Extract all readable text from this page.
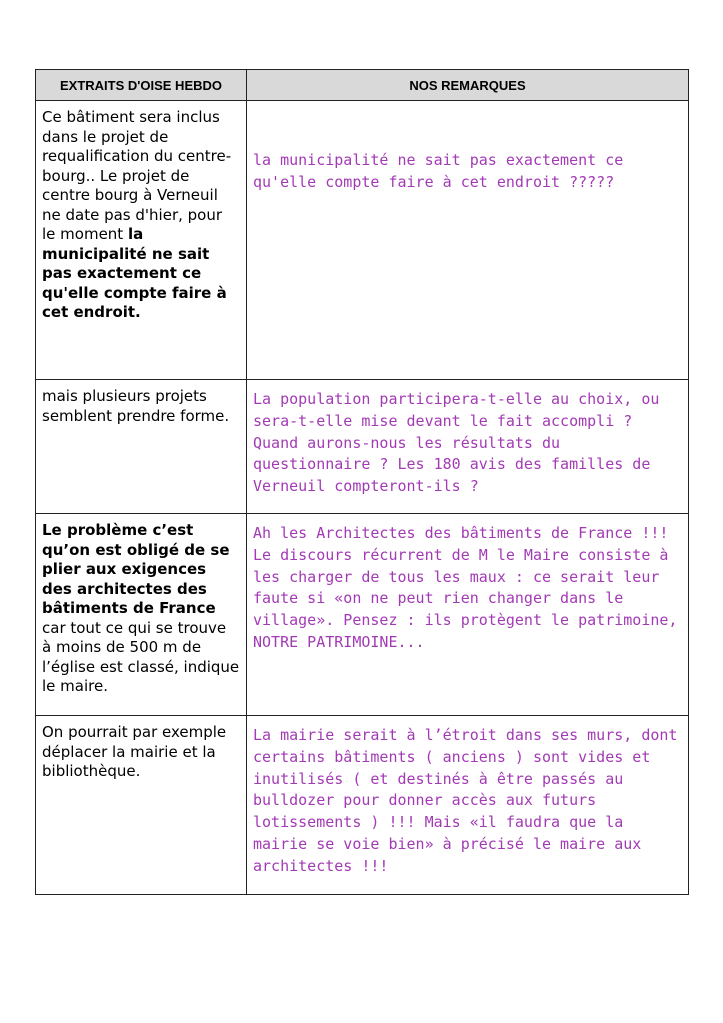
EXTRAITS D'OISE HEBDO	NOS REMARQUES
Ce bâtiment sera inclus dans le projet de requalification du centre-bourg.. Le projet de centre bourg à Verneuil ne date pas d'hier, pour le moment la municipalité ne sait pas exactement ce qu'elle compte faire à cet endroit.	la municipalité ne sait pas exactement ce qu'elle compte faire à cet endroit ?????
mais plusieurs projets semblent prendre forme.	La population participera-t-elle au choix, ou sera-t-elle mise devant le fait accompli ? Quand aurons-nous les résultats du questionnaire ? Les 180 avis des familles de Verneuil compteront-ils ?
Le problème c’est qu’on est obligé de se plier aux exigences des architectes des bâtiments de France car tout ce qui se trouve à moins de 500 m de l’église est classé, indique le maire.	Ah les Architectes des bâtiments de France !!! Le discours récurrent de M le Maire consiste à les charger de tous les maux : ce serait leur faute si «on ne peut rien changer dans le village». Pensez : ils protègent le patrimoine, NOTRE PATRIMOINE...
On pourrait par exemple déplacer la mairie et la bibliothèque.	La mairie serait à l’étroit dans ses murs, dont certains bâtiments ( anciens ) sont vides et inutilisés ( et destinés à être passés au bulldozer pour donner accès aux futurs lotissements ) !!! Mais «il faudra que la mairie se voie bien» à précisé le maire aux architectes !!!
